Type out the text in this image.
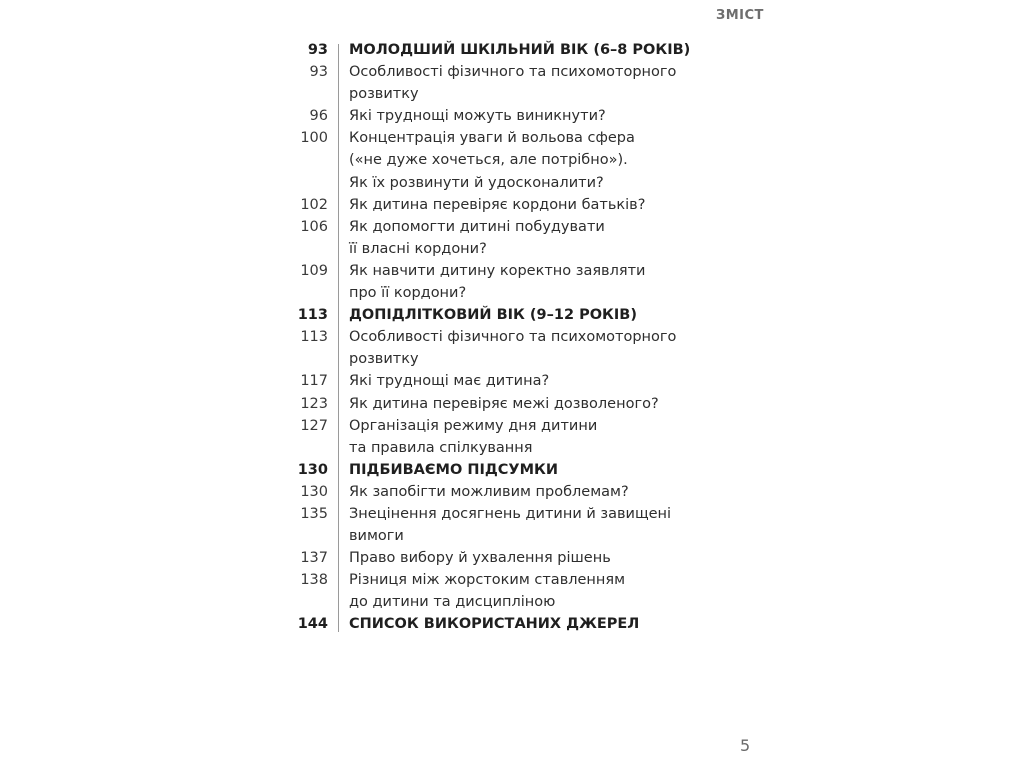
ЗМІСТ
93 МОЛОДШИЙ ШКІЛЬНИЙ ВІК (6–8 РОКІВ)
93 Особливості фізичного та психомоторного
розвитку
96 Які труднощі можуть виникнути?
100 Концентрація уваги й вольова сфера
(«не дуже хочеться, але потрібно»).
Як їх розвинути й удосконалити?
102 Як дитина перевіряє кордони батьків?
106 Як допомогти дитині побудувати
її власні кордони?
109 Як навчити дитину коректно заявляти
про її кордони?
113 ДОПІДЛІТКОВИЙ ВІК (9–12 РОКІВ)
113 Особливості фізичного та психомоторного
розвитку
117 Які труднощі має дитина?
123 Як дитина перевіряє межі дозволеного?
127 Організація режиму дня дитини
та правила спілкування
130 ПІДБИВАЄМО ПІДСУМКИ
130 Як запобігти можливим проблемам?
135 Знецінення досягнень дитини й завищені
вимоги
137 Право вибору й ухвалення рішень
138 Різниця між жорстоким ставленням
до дитини та дисципліною
144 СПИСОК ВИКОРИСТАНИХ ДЖЕРЕЛ
5
